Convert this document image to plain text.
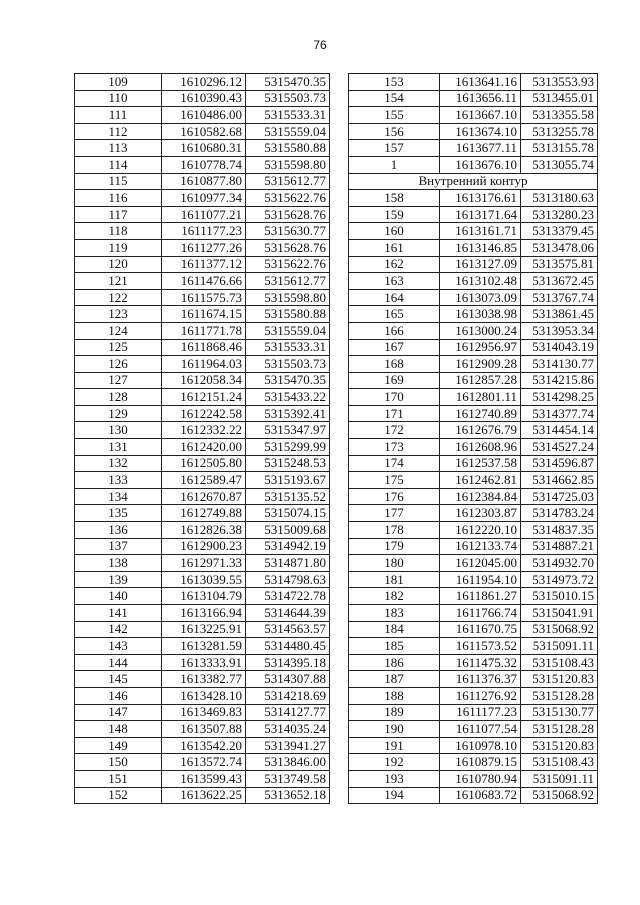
76
109	1610296.12	5315470.35
110	1610390.43	5315503.73
111	1610486.00	5315533.31
112	1610582.68	5315559.04
113	1610680.31	5315580.88
114	1610778.74	5315598.80
115	1610877.80	5315612.77
116	1610977.34	5315622.76
117	1611077.21	5315628.76
118	1611177.23	5315630.77
119	1611277.26	5315628.76
120	1611377.12	5315622.76
121	1611476.66	5315612.77
122	1611575.73	5315598.80
123	1611674.15	5315580.88
124	1611771.78	5315559.04
125	1611868.46	5315533.31
126	1611964.03	5315503.73
127	1612058.34	5315470.35
128	1612151.24	5315433.22
129	1612242.58	5315392.41
130	1612332.22	5315347.97
131	1612420.00	5315299.99
132	1612505.80	5315248.53
133	1612589.47	5315193.67
134	1612670.87	5315135.52
135	1612749.88	5315074.15
136	1612826.38	5315009.68
137	1612900.23	5314942.19
138	1612971.33	5314871.80
139	1613039.55	5314798.63
140	1613104.79	5314722.78
141	1613166.94	5314644.39
142	1613225.91	5314563.57
143	1613281.59	5314480.45
144	1613333.91	5314395.18
145	1613382.77	5314307.88
146	1613428.10	5314218.69
147	1613469.83	5314127.77
148	1613507.88	5314035.24
149	1613542.20	5313941.27
150	1613572.74	5313846.00
151	1613599.43	5313749.58
152	1613622.25	5313652.18
153	1613641.16	5313553.93
154	1613656.11	5313455.01
155	1613667.10	5313355.58
156	1613674.10	5313255.78
157	1613677.11	5313155.78
1	1613676.10	5313055.74
Внутренний контур		
158	1613176.61	5313180.63
159	1613171.64	5313280.23
160	1613161.71	5313379.45
161	1613146.85	5313478.06
162	1613127.09	5313575.81
163	1613102.48	5313672.45
164	1613073.09	5313767.74
165	1613038.98	5313861.45
166	1613000.24	5313953.34
167	1612956.97	5314043.19
168	1612909.28	5314130.77
169	1612857.28	5314215.86
170	1612801.11	5314298.25
171	1612740.89	5314377.74
172	1612676.79	5314454.14
173	1612608.96	5314527.24
174	1612537.58	5314596.87
175	1612462.81	5314662.85
176	1612384.84	5314725.03
177	1612303.87	5314783.24
178	1612220.10	5314837.35
179	1612133.74	5314887.21
180	1612045.00	5314932.70
181	1611954.10	5314973.72
182	1611861.27	5315010.15
183	1611766.74	5315041.91
184	1611670.75	5315068.92
185	1611573.52	5315091.11
186	1611475.32	5315108.43
187	1611376.37	5315120.83
188	1611276.92	5315128.28
189	1611177.23	5315130.77
190	1611077.54	5315128.28
191	1610978.10	5315120.83
192	1610879.15	5315108.43
193	1610780.94	5315091.11
194	1610683.72	5315068.92
